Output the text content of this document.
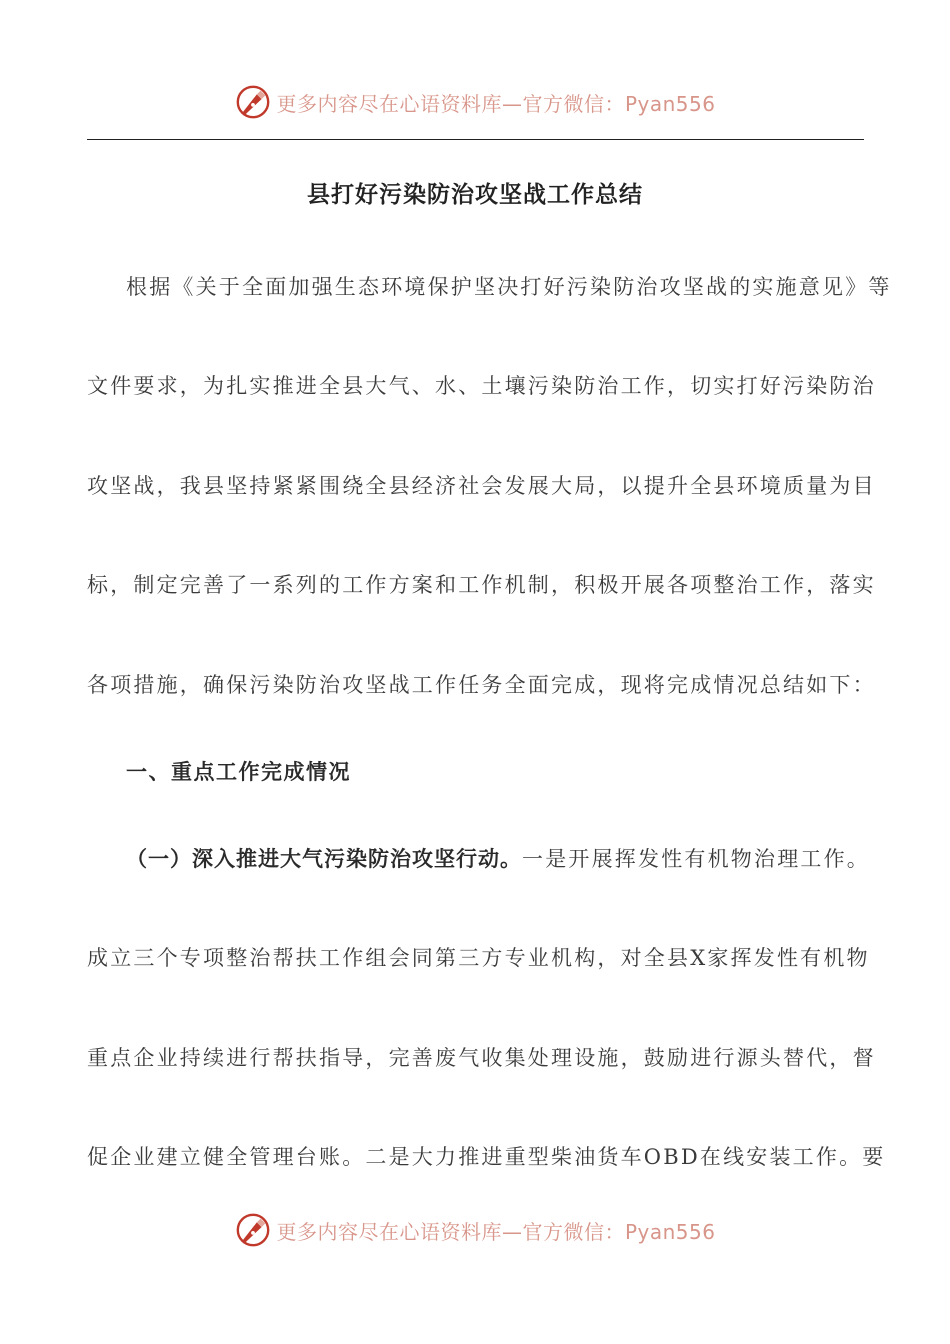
更多内容尽在心语资料库—官方微信：Pyan556
县打好污染防治攻坚战工作总结
根据《关于全面加强生态环境保护坚决打好污染防治攻坚战的实施意见》等
文件要求，为扎实推进全县大气、水、土壤污染防治工作，切实打好污染防治
攻坚战，我县坚持紧紧围绕全县经济社会发展大局，以提升全县环境质量为目
标，制定完善了一系列的工作方案和工作机制，积极开展各项整治工作，落实
各项措施，确保污染防治攻坚战工作任务全面完成，现将完成情况总结如下：
一、重点工作完成情况
（一）深入推进大气污染防治攻坚行动。一是开展挥发性有机物治理工作。
成立三个专项整治帮扶工作组会同第三方专业机构，对全县X家挥发性有机物
重点企业持续进行帮扶指导，完善废气收集处理设施，鼓励进行源头替代，督
促企业建立健全管理台账。二是大力推进重型柴油货车OBD在线安装工作。要
更多内容尽在心语资料库—官方微信：Pyan556
